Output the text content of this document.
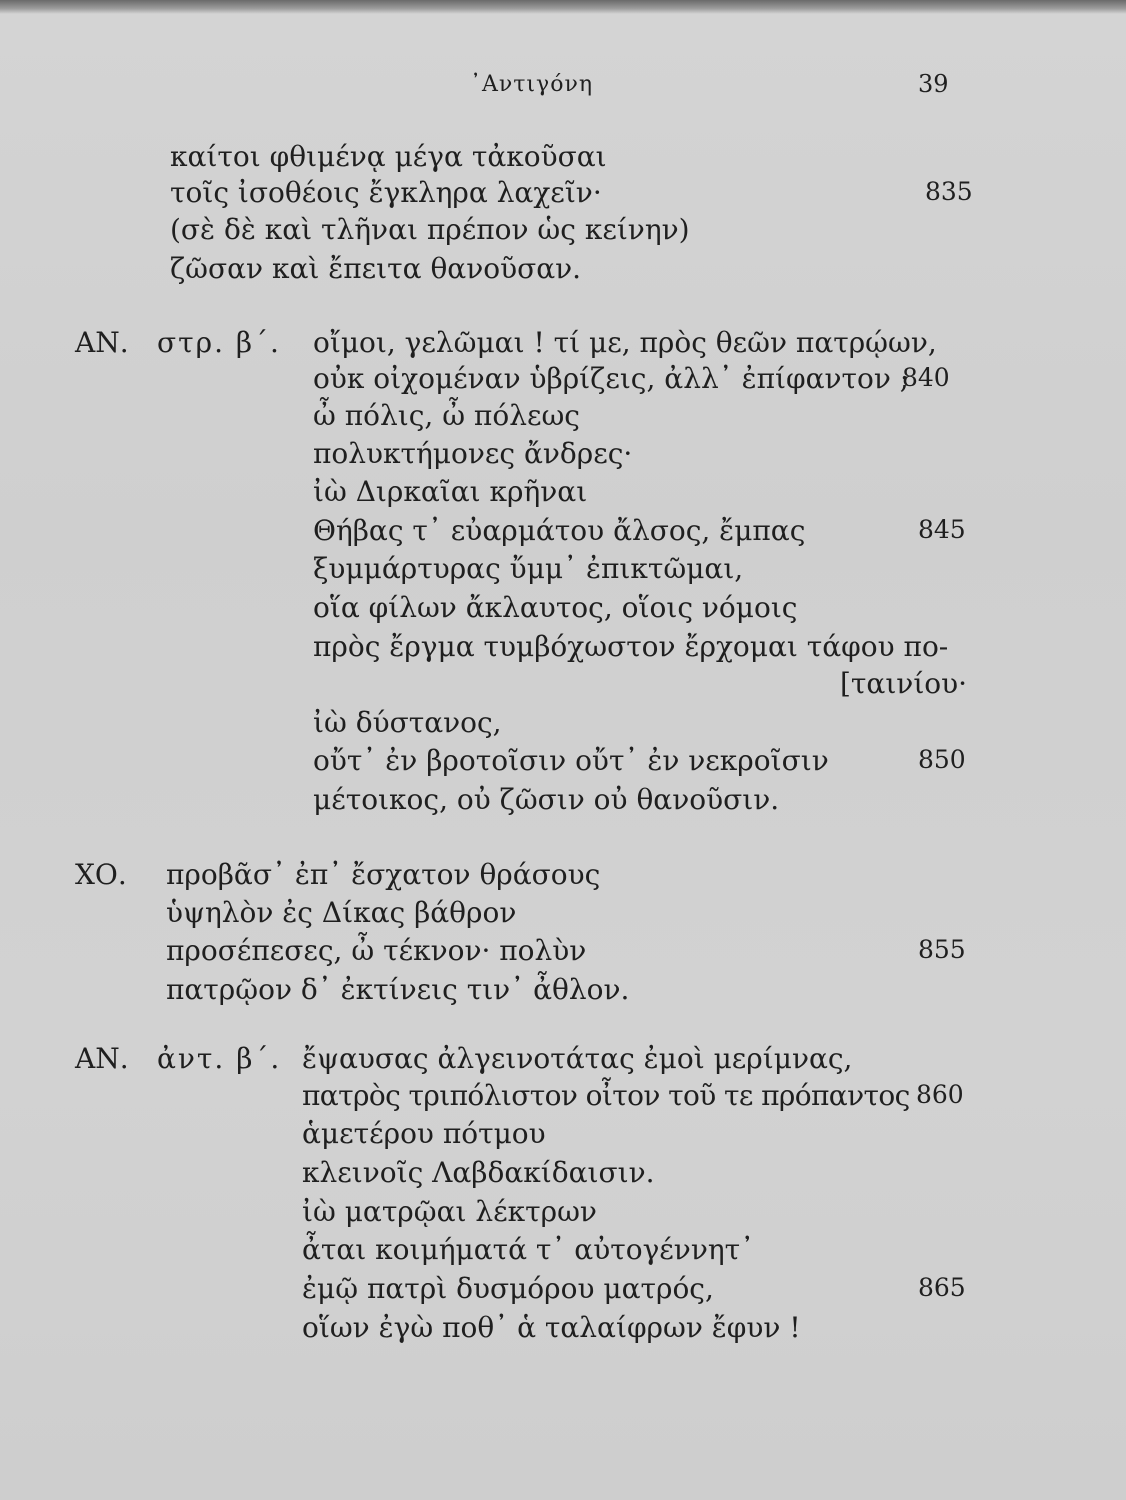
᾿Αντιγόνη	39
καίτοι φθιμένᾳ μέγα τἀκοῦσαι
τοῖς ἰσοθέοις ἔγκληρα λαχεῖν·	835
(σὲ δὲ καὶ τλῆναι πρέπον ὡς κείνην)
ζῶσαν καὶ ἔπειτα θανοῦσαν.
ΑΝ. στρ. β΄. οἴμοι, γελῶμαι ! τί με, πρὸς θεῶν πατρῴων,
οὐκ οἰχομέναν ὑβρίζεις, ἀλλ᾿ ἐπίφαντον ;
840
ὦ πόλις, ὦ πόλεως
πολυκτήμονες ἄνδρες·
ἰὼ Διρκαῖαι κρῆναι
Θήβας τ᾿ εὐαρμάτου ἄλσος, ἔμπας	845
ξυμμάρτυρας ὔμμ᾿ ἐπικτῶμαι,
οἵα φίλων ἄκλαυτος, οἵοις νόμοις
πρὸς ἔργμα τυμβόχωστον ἔρχομαι τάφου πο-
[ταινίου·
ἰὼ δύστανος,
οὔτ᾿ ἐν βροτοῖσιν οὔτ᾿ ἐν νεκροῖσιν	850
μέτοικος, οὐ ζῶσιν οὐ θανοῦσιν.
ΧΟ. προβᾶσ᾿ ἐπ᾿ ἔσχατον θράσους
ὑψηλὸν ἐς Δίκας βάθρον
προσέπεσες, ὦ τέκνον· πολὺν	855
πατρῷον δ᾿ ἐκτίνεις τιν᾿ ἆθλον.
ΑΝ. ἀντ. β΄. ἔψαυσας ἀλγεινοτάτας ἐμοὶ μερίμνας,
πατρὸς τριπόλιστον οἶτον τοῦ τε πρόπαντος 860
ἁμετέρου πότμου
κλεινοῖς Λαβδακίδαισιν.
ἰὼ ματρῷαι λέκτρων
ἆται κοιμήματά τ᾿ αὐτογέννητ᾿
ἐμῷ πατρὶ δυσμόρου ματρός,	865
οἵων ἐγὼ ποθ᾿ ἁ ταλαίφρων ἔφυν !
